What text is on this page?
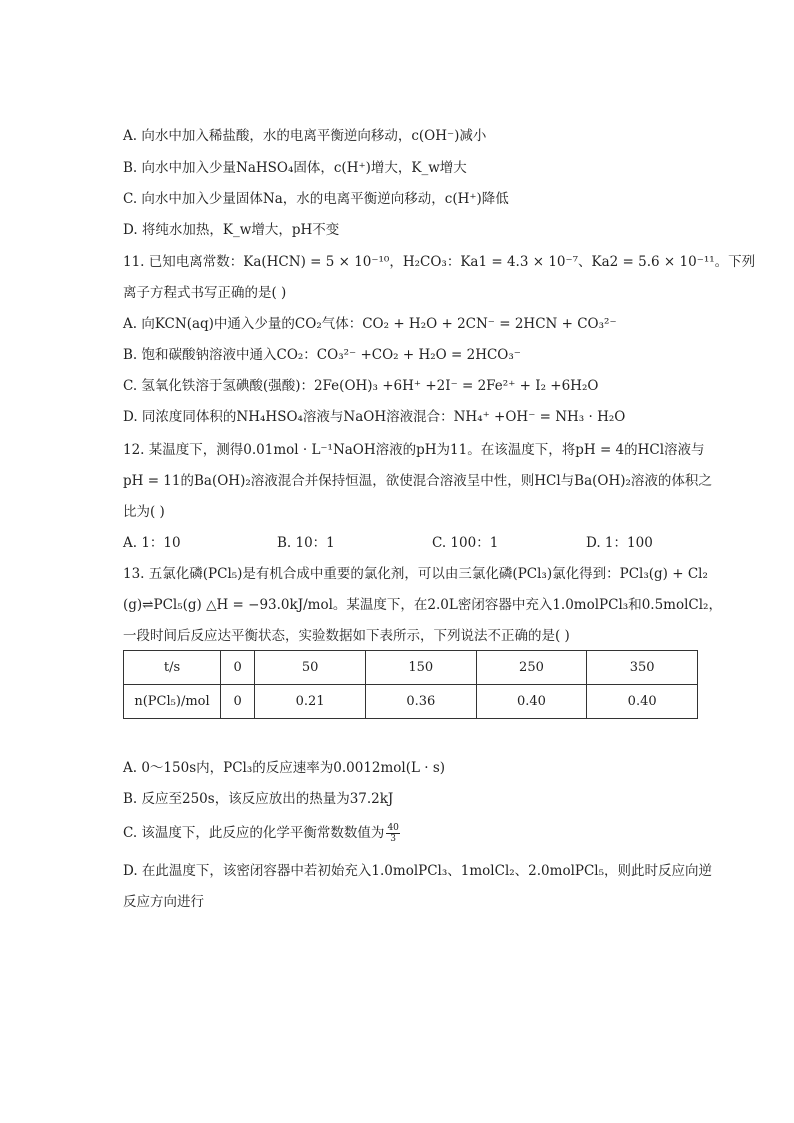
A. 向水中加入稀盐酸，水的电离平衡逆向移动，c(OH⁻)减小
B. 向水中加入少量NaHSO₄固体，c(H⁺)增大，K_w增大
C. 向水中加入少量固体Na，水的电离平衡逆向移动，c(H⁺)降低
D. 将纯水加热，K_w增大，pH不变
11. 已知电离常数：Ka(HCN) = 5 × 10⁻¹⁰，H₂CO₃：Ka1 = 4.3 × 10⁻⁷、Ka2 = 5.6 × 10⁻¹¹。下列
离子方程式书写正确的是( )
A. 向KCN(aq)中通入少量的CO₂气体：CO₂ + H₂O + 2CN⁻ = 2HCN + CO₃²⁻
B. 饱和碳酸钠溶液中通入CO₂：CO₃²⁻ +CO₂ + H₂O = 2HCO₃⁻
C. 氢氧化铁溶于氢碘酸(强酸)：2Fe(OH)₃ +6H⁺ +2I⁻ = 2Fe²⁺ + I₂ +6H₂O
D. 同浓度同体积的NH₄HSO₄溶液与NaOH溶液混合：NH₄⁺ +OH⁻ = NH₃ · H₂O
12. 某温度下，测得0.01mol · L⁻¹NaOH溶液的pH为11。在该温度下，将pH = 4的HCl溶液与
pH = 11的Ba(OH)₂溶液混合并保持恒温，欲使混合溶液呈中性，则HCl与Ba(OH)₂溶液的体积之
比为( )
A. 1：10	B. 10：1	C. 100：1	D. 1：100
13. 五氯化磷(PCl₅)是有机合成中重要的氯化剂，可以由三氯化磷(PCl₃)氯化得到：PCl₃(g) + Cl₂
(g)⇌PCl₅(g) △H = −93.0kJ/mol。某温度下，在2.0L密闭容器中充入1.0molPCl₃和0.5molCl₂，
一段时间后反应达平衡状态，实验数据如下表所示，下列说法不正确的是( )
t/s	0	50	150	250	350
n(PCl₅)/mol	0	0.21	0.36	0.40	0.40
A. 0～150s内，PCl₃的反应速率为0.0012mol(L · s)
B. 反应至250s，该反应放出的热量为37.2kJ
C. 该温度下，此反应的化学平衡常数数值为 $\frac{40}{3}$
D. 在此温度下，该密闭容器中若初始充入1.0molPCl₃、1molCl₂、2.0molPCl₅，则此时反应向逆
反应方向进行
